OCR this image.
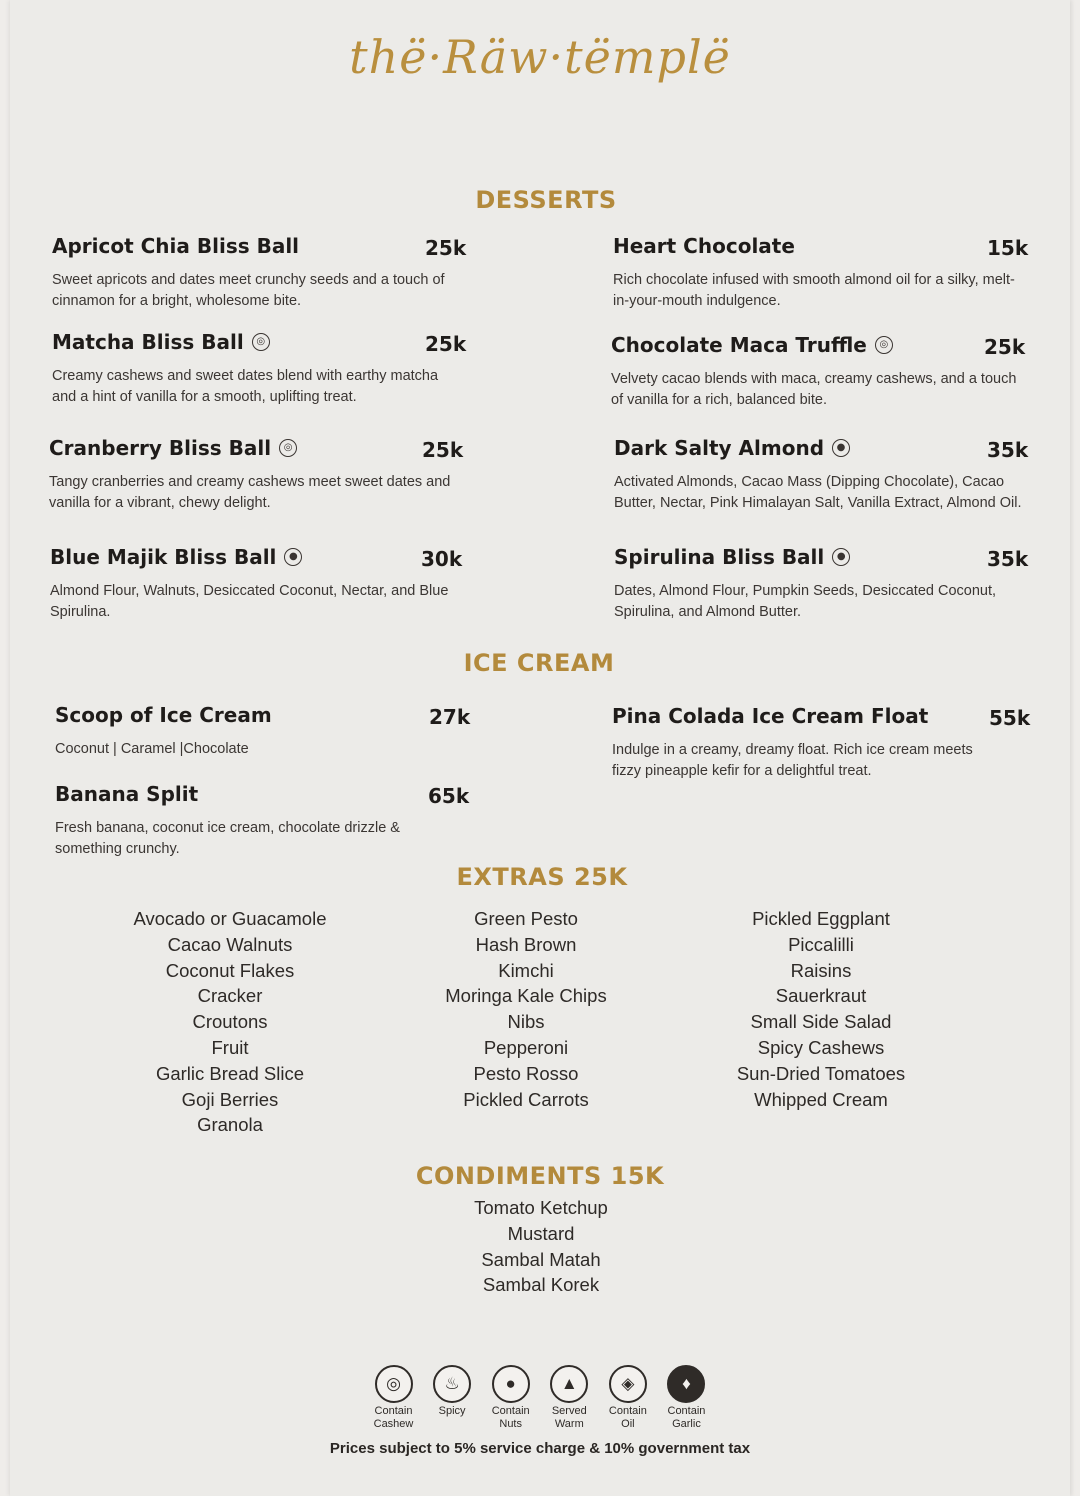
thë·Räw·tëmplë
DESSERTS
Apricot Chia Bliss Ball	25k
Sweet apricots and dates meet crunchy seeds and a touch of cinnamon for a bright, wholesome bite.
Matcha Bliss Ball	◎	25k
Creamy cashews and sweet dates blend with earthy matcha and a hint of vanilla for a smooth, uplifting treat.
Cranberry Bliss Ball	◎	25k
Tangy cranberries and creamy cashews meet sweet dates and vanilla for a vibrant, chewy delight.
Blue Majik Bliss Ball	●	30k
Almond Flour, Walnuts, Desiccated Coconut, Nectar, and Blue Spirulina.
Heart Chocolate	15k
Rich chocolate infused with smooth almond oil for a silky, melt-in-your-mouth indulgence.
Chocolate Maca Truffle	◎	25k
Velvety cacao blends with maca, creamy cashews, and a touch of vanilla for a rich, balanced bite.
Dark Salty Almond	●	35k
Activated Almonds, Cacao Mass (Dipping Chocolate), Cacao Butter, Nectar, Pink Himalayan Salt, Vanilla Extract, Almond Oil.
Spirulina Bliss Ball	●	35k
Dates, Almond Flour, Pumpkin Seeds, Desiccated Coconut, Spirulina, and Almond Butter.
ICE CREAM
Scoop of Ice Cream	27k
Coconut | Caramel |Chocolate
Banana Split	65k
Fresh banana, coconut ice cream, chocolate drizzle & something crunchy.
Pina Colada Ice Cream Float	55k
Indulge in a creamy, dreamy float. Rich ice cream meets fizzy pineapple kefir for a delightful treat.
EXTRAS 25K
Avocado or Guacamole
Cacao Walnuts
Coconut Flakes
Cracker
Croutons
Fruit
Garlic Bread Slice
Goji Berries
Granola
Green Pesto
Hash Brown
Kimchi
Moringa Kale Chips
Nibs
Pepperoni
Pesto Rosso
Pickled Carrots
Pickled Eggplant
Piccalilli
Raisins
Sauerkraut
Small Side Salad
Spicy Cashews
Sun-Dried Tomatoes
Whipped Cream
CONDIMENTS 15K
Tomato Ketchup
Mustard
Sambal Matah
Sambal Korek
◎
Contain
Cashew
♨
Spicy

●
Contain
Nuts
▲
Served
Warm
◈
Contain
Oil
♦
Contain
Garlic
Prices subject to 5% service charge & 10% government tax
